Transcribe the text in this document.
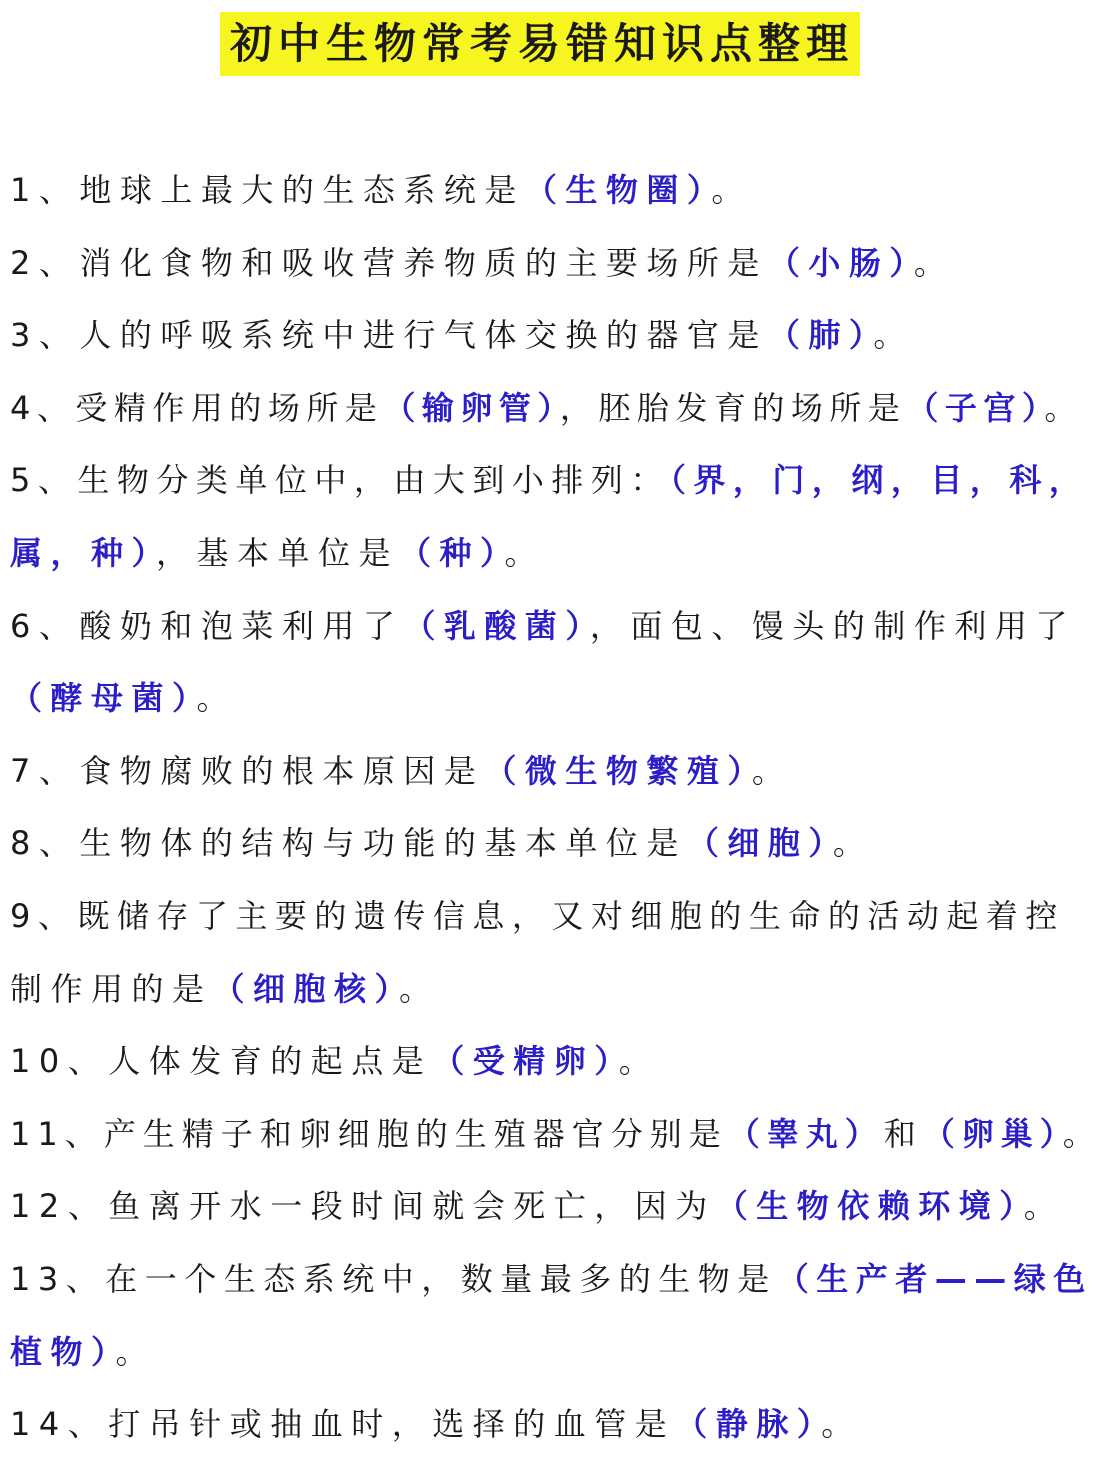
初中生物常考易错知识点整理
1、地球上最大的生态系统是（生物圈）。
2、消化食物和吸收营养物质的主要场所是（小肠）。
3、人的呼吸系统中进行气体交换的器官是（肺）。
4、受精作用的场所是（输卵管），胚胎发育的场所是（子宫）。
5、生物分类单位中，由大到小排列：（界，门，纲，目，科，
属，种），基本单位是（种）。
6、酸奶和泡菜利用了（乳酸菌），面包、馒头的制作利用了
（酵母菌）。
7、食物腐败的根本原因是（微生物繁殖）。
8、生物体的结构与功能的基本单位是（细胞）。
9、既储存了主要的遗传信息，又对细胞的生命的活动起着控
制作用的是（细胞核）。
10、人体发育的起点是（受精卵）。
11、产生精子和卵细胞的生殖器官分别是（睾丸）和（卵巢）。
12、鱼离开水一段时间就会死亡，因为（生物依赖环境）。
13、在一个生态系统中，数量最多的生物是（生产者——绿色
植物）。
14、打吊针或抽血时，选择的血管是（静脉）。
